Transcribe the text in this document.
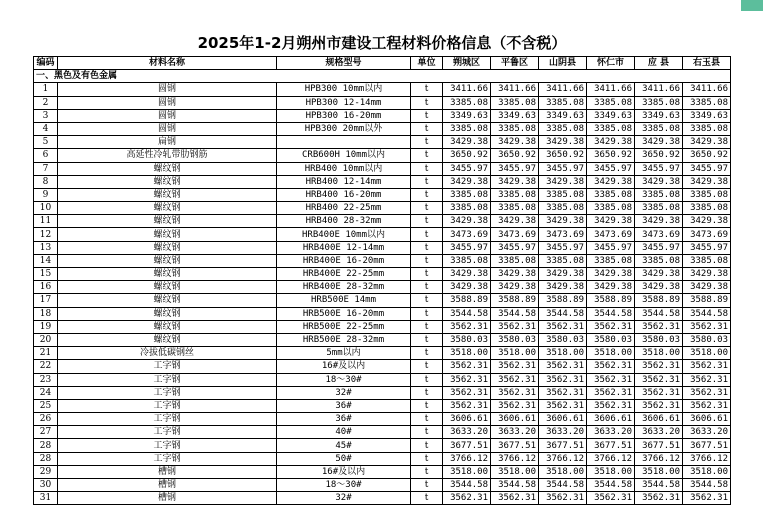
2025年1-2月朔州市建设工程材料价格信息（不含税）
编码	材料名称	规格型号	单位	朔城区	平鲁区	山阴县	怀仁市	应 县	右玉县
一、黑色及有色金属									
1	圆钢	HPB300 10mm以内	t	3411.66	3411.66	3411.66	3411.66	3411.66	3411.66
2	圆钢	HPB300 12-14mm	t	3385.08	3385.08	3385.08	3385.08	3385.08	3385.08
3	圆钢	HPB300 16-20mm	t	3349.63	3349.63	3349.63	3349.63	3349.63	3349.63
4	圆钢	HPB300 20mm以外	t	3385.08	3385.08	3385.08	3385.08	3385.08	3385.08
5	扁钢		t	3429.38	3429.38	3429.38	3429.38	3429.38	3429.38
6	高延性冷轧带肋钢筋	CRB600H 10mm以内	t	3650.92	3650.92	3650.92	3650.92	3650.92	3650.92
7	螺纹钢	HRB400 10mm以内	t	3455.97	3455.97	3455.97	3455.97	3455.97	3455.97
8	螺纹钢	HRB400 12-14mm	t	3429.38	3429.38	3429.38	3429.38	3429.38	3429.38
9	螺纹钢	HRB400 16-20mm	t	3385.08	3385.08	3385.08	3385.08	3385.08	3385.08
10	螺纹钢	HRB400 22-25mm	t	3385.08	3385.08	3385.08	3385.08	3385.08	3385.08
11	螺纹钢	HRB400 28-32mm	t	3429.38	3429.38	3429.38	3429.38	3429.38	3429.38
12	螺纹钢	HRB400E 10mm以内	t	3473.69	3473.69	3473.69	3473.69	3473.69	3473.69
13	螺纹钢	HRB400E 12-14mm	t	3455.97	3455.97	3455.97	3455.97	3455.97	3455.97
14	螺纹钢	HRB400E 16-20mm	t	3385.08	3385.08	3385.08	3385.08	3385.08	3385.08
15	螺纹钢	HRB400E 22-25mm	t	3429.38	3429.38	3429.38	3429.38	3429.38	3429.38
16	螺纹钢	HRB400E 28-32mm	t	3429.38	3429.38	3429.38	3429.38	3429.38	3429.38
17	螺纹钢	HRB500E 14mm	t	3588.89	3588.89	3588.89	3588.89	3588.89	3588.89
18	螺纹钢	HRB500E 16-20mm	t	3544.58	3544.58	3544.58	3544.58	3544.58	3544.58
19	螺纹钢	HRB500E 22-25mm	t	3562.31	3562.31	3562.31	3562.31	3562.31	3562.31
20	螺纹钢	HRB500E 28-32mm	t	3580.03	3580.03	3580.03	3580.03	3580.03	3580.03
21	冷拔低碳钢丝	5mm以内	t	3518.00	3518.00	3518.00	3518.00	3518.00	3518.00
22	工字钢	16#及以内	t	3562.31	3562.31	3562.31	3562.31	3562.31	3562.31
23	工字钢	18～30#	t	3562.31	3562.31	3562.31	3562.31	3562.31	3562.31
24	工字钢	32#	t	3562.31	3562.31	3562.31	3562.31	3562.31	3562.31
25	工字钢	36#	t	3562.31	3562.31	3562.31	3562.31	3562.31	3562.31
26	工字钢	36#	t	3606.61	3606.61	3606.61	3606.61	3606.61	3606.61
27	工字钢	40#	t	3633.20	3633.20	3633.20	3633.20	3633.20	3633.20
28	工字钢	45#	t	3677.51	3677.51	3677.51	3677.51	3677.51	3677.51
28	工字钢	50#	t	3766.12	3766.12	3766.12	3766.12	3766.12	3766.12
29	槽钢	16#及以内	t	3518.00	3518.00	3518.00	3518.00	3518.00	3518.00
30	槽钢	18～30#	t	3544.58	3544.58	3544.58	3544.58	3544.58	3544.58
31	槽钢	32#	t	3562.31	3562.31	3562.31	3562.31	3562.31	3562.31
